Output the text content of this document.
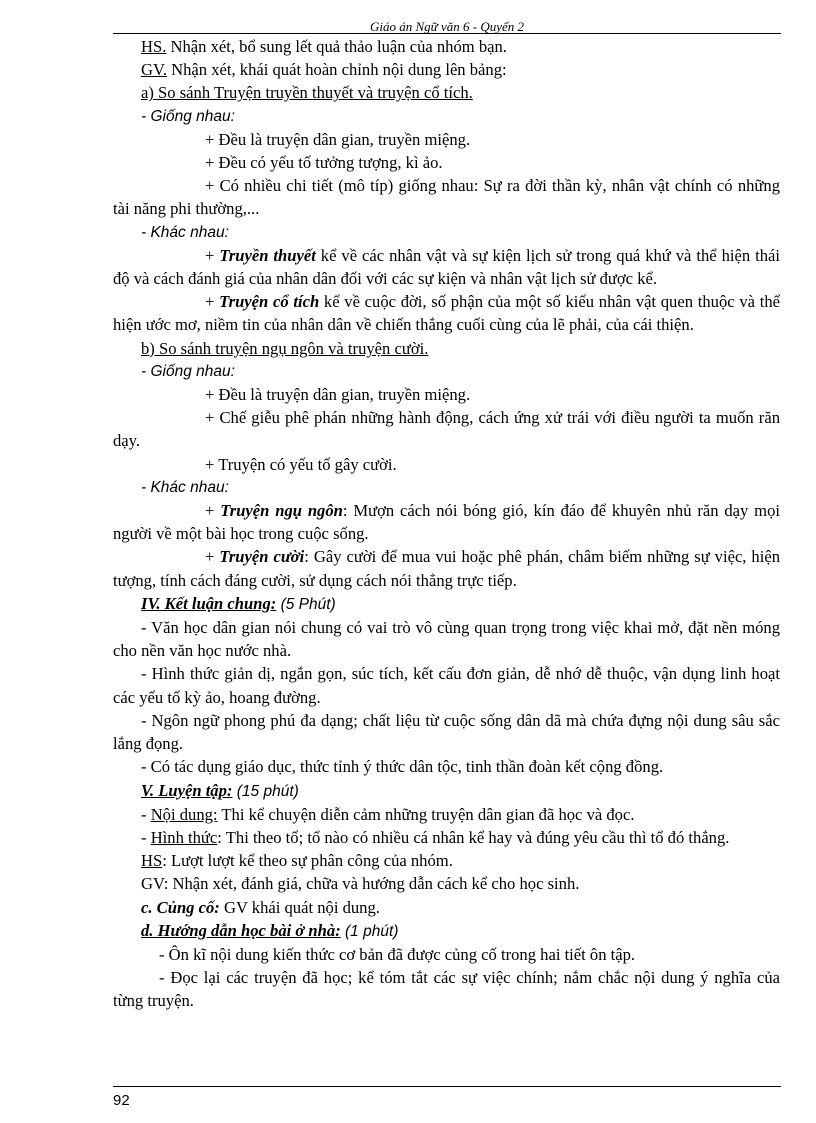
Giáo án Ngữ văn 6 - Quyển 2

HS. Nhận xét, bổ sung lết quả thảo luận của nhóm bạn.

GV. Nhận xét, khái quát hoàn chỉnh nội dung lên bảng:

a) So sánh Truyện truyền thuyết và truyện cổ tích.

- Giống nhau:

+ Đều là truyện dân gian, truyền miệng.

+ Đều có yếu tố tưởng tượng, kì ảo.

+ Có nhiều chi tiết (mô típ) giống nhau: Sự ra đời thần kỳ, nhân vật chính có những tài năng phi thường,...

- Khác nhau:

+ Truyền thuyết kể về các nhân vật và sự kiện lịch sử trong quá khứ và thể hiện thái độ và cách đánh giá của nhân dân đối với các sự kiện và nhân vật lịch sử được kể.

+ Truyện cổ tích kể về cuộc đời, số phận của một số kiểu nhân vật quen thuộc và thể hiện ước mơ, niềm tin của nhân dân về chiến thắng cuối cùng của lẽ phải, của cái thiện.

b) So sánh truyện ngụ ngôn và truyện cười.

- Giống nhau:

+ Đều là truyện dân gian, truyền miệng.

+ Chế giễu phê phán những hành động, cách ứng xử trái với điều người ta muốn răn dạy.

+ Truyện có yếu tố gây cười.

- Khác nhau:

+ Truyện ngụ ngôn: Mượn cách nói bóng gió, kín đáo để khuyên nhủ răn dạy mọi người về một bài học trong cuộc sống.

+ Truyện cười: Gây cười để mua vui hoặc phê phán, châm biếm những sự việc, hiện tượng, tính cách đáng cười, sử dụng cách nói thẳng trực tiếp.

IV. Kết luận chung: (5 Phút)

- Văn học dân gian nói chung có vai trò vô cùng quan trọng trong việc khai mở, đặt nền móng cho nền văn học nước nhà.

- Hình thức giản dị, ngắn gọn, súc tích, kết cấu đơn giản, dễ nhớ dễ thuộc, vận dụng linh hoạt các yếu tố kỳ ảo, hoang đường.

- Ngôn ngữ phong phú đa dạng; chất liệu từ cuộc sống dân dã mà chứa đựng nội dung sâu sắc lắng đọng.

- Có tác dụng giáo dục, thức tỉnh ý thức dân tộc, tinh thần đoàn kết cộng đồng.

V. Luyện tập: (15 phút)

- Nội dung: Thi kể chuyện diễn cảm những truyện dân gian đã học và đọc.

- Hình thức: Thi theo tổ; tổ nào có nhiều cá nhân kể hay và đúng yêu cầu thì tổ đó thắng.

HS: Lượt lượt kể theo sự phân công của nhóm.

GV: Nhận xét, đánh giá, chữa và hướng dẫn cách kể cho học sinh.

c. Củng cố: GV khái quát nội dung.

d. Hướng dẫn học bài ở nhà: (1 phút)

- Ôn kĩ nội dung kiến thức cơ bản đã được củng cố trong hai tiết ôn tập.

- Đọc lại các truyện đã học; kể tóm tắt các sự việc chính; nắm chắc nội dung ý nghĩa của từng truyện.

92
